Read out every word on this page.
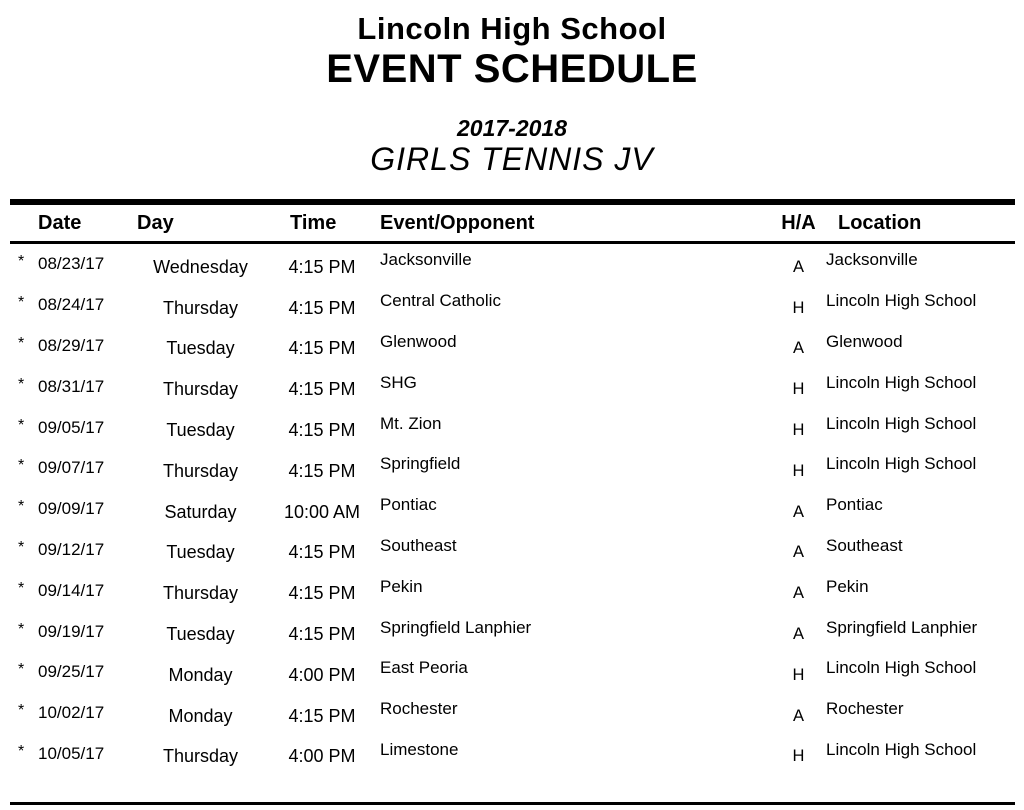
Lincoln High School
EVENT SCHEDULE
2017-2018
GIRLS TENNIS JV
Date	Day	Time	Event/Opponent	H/A	Location
* 08/23/17	Wednesday	4:15 PM	Jacksonville	A	Jacksonville
* 08/24/17	Thursday	4:15 PM	Central Catholic	H	Lincoln High School
* 08/29/17	Tuesday	4:15 PM	Glenwood	A	Glenwood
* 08/31/17	Thursday	4:15 PM	SHG	H	Lincoln High School
* 09/05/17	Tuesday	4:15 PM	Mt. Zion	H	Lincoln High School
* 09/07/17	Thursday	4:15 PM	Springfield	H	Lincoln High School
* 09/09/17	Saturday	10:00 AM	Pontiac	A	Pontiac
* 09/12/17	Tuesday	4:15 PM	Southeast	A	Southeast
* 09/14/17	Thursday	4:15 PM	Pekin	A	Pekin
* 09/19/17	Tuesday	4:15 PM	Springfield Lanphier	A	Springfield Lanphier
* 09/25/17	Monday	4:00 PM	East Peoria	H	Lincoln High School
* 10/02/17	Monday	4:15 PM	Rochester	A	Rochester
* 10/05/17	Thursday	4:00 PM	Limestone	H	Lincoln High School
